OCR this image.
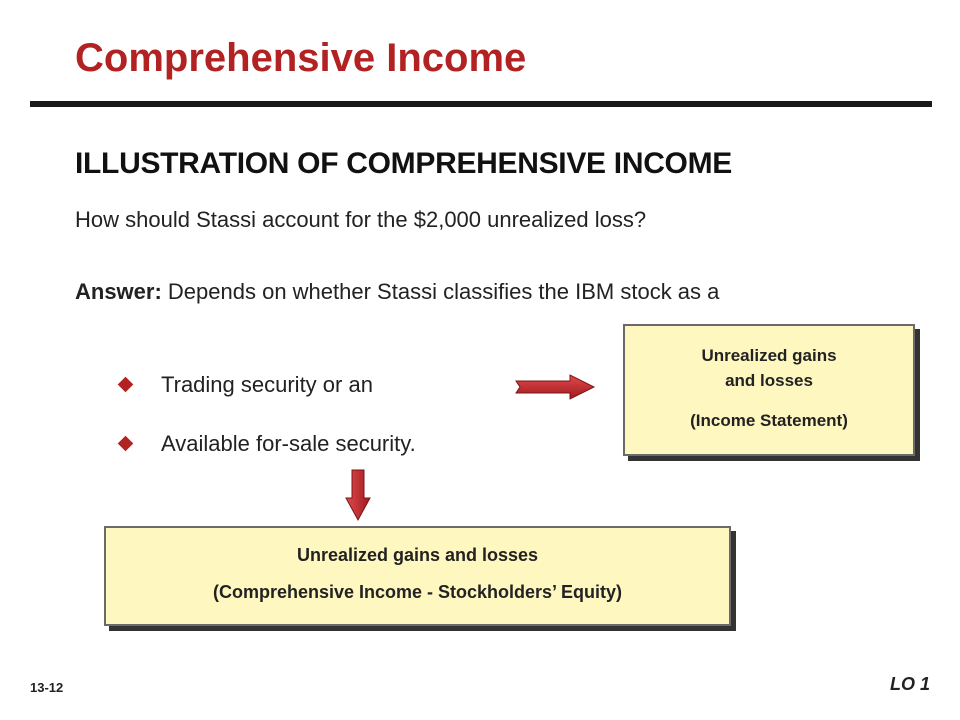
Comprehensive Income
ILLUSTRATION OF COMPREHENSIVE INCOME
How should Stassi account for the $2,000 unrealized loss?
Answer: Depends on whether Stassi classifies the IBM stock as a
Trading security or an
Available for-sale security.
Unrealized gains
and losses
(Income Statement)
Unrealized gains and losses
(Comprehensive Income - Stockholders’ Equity)
13-12	LO 1
